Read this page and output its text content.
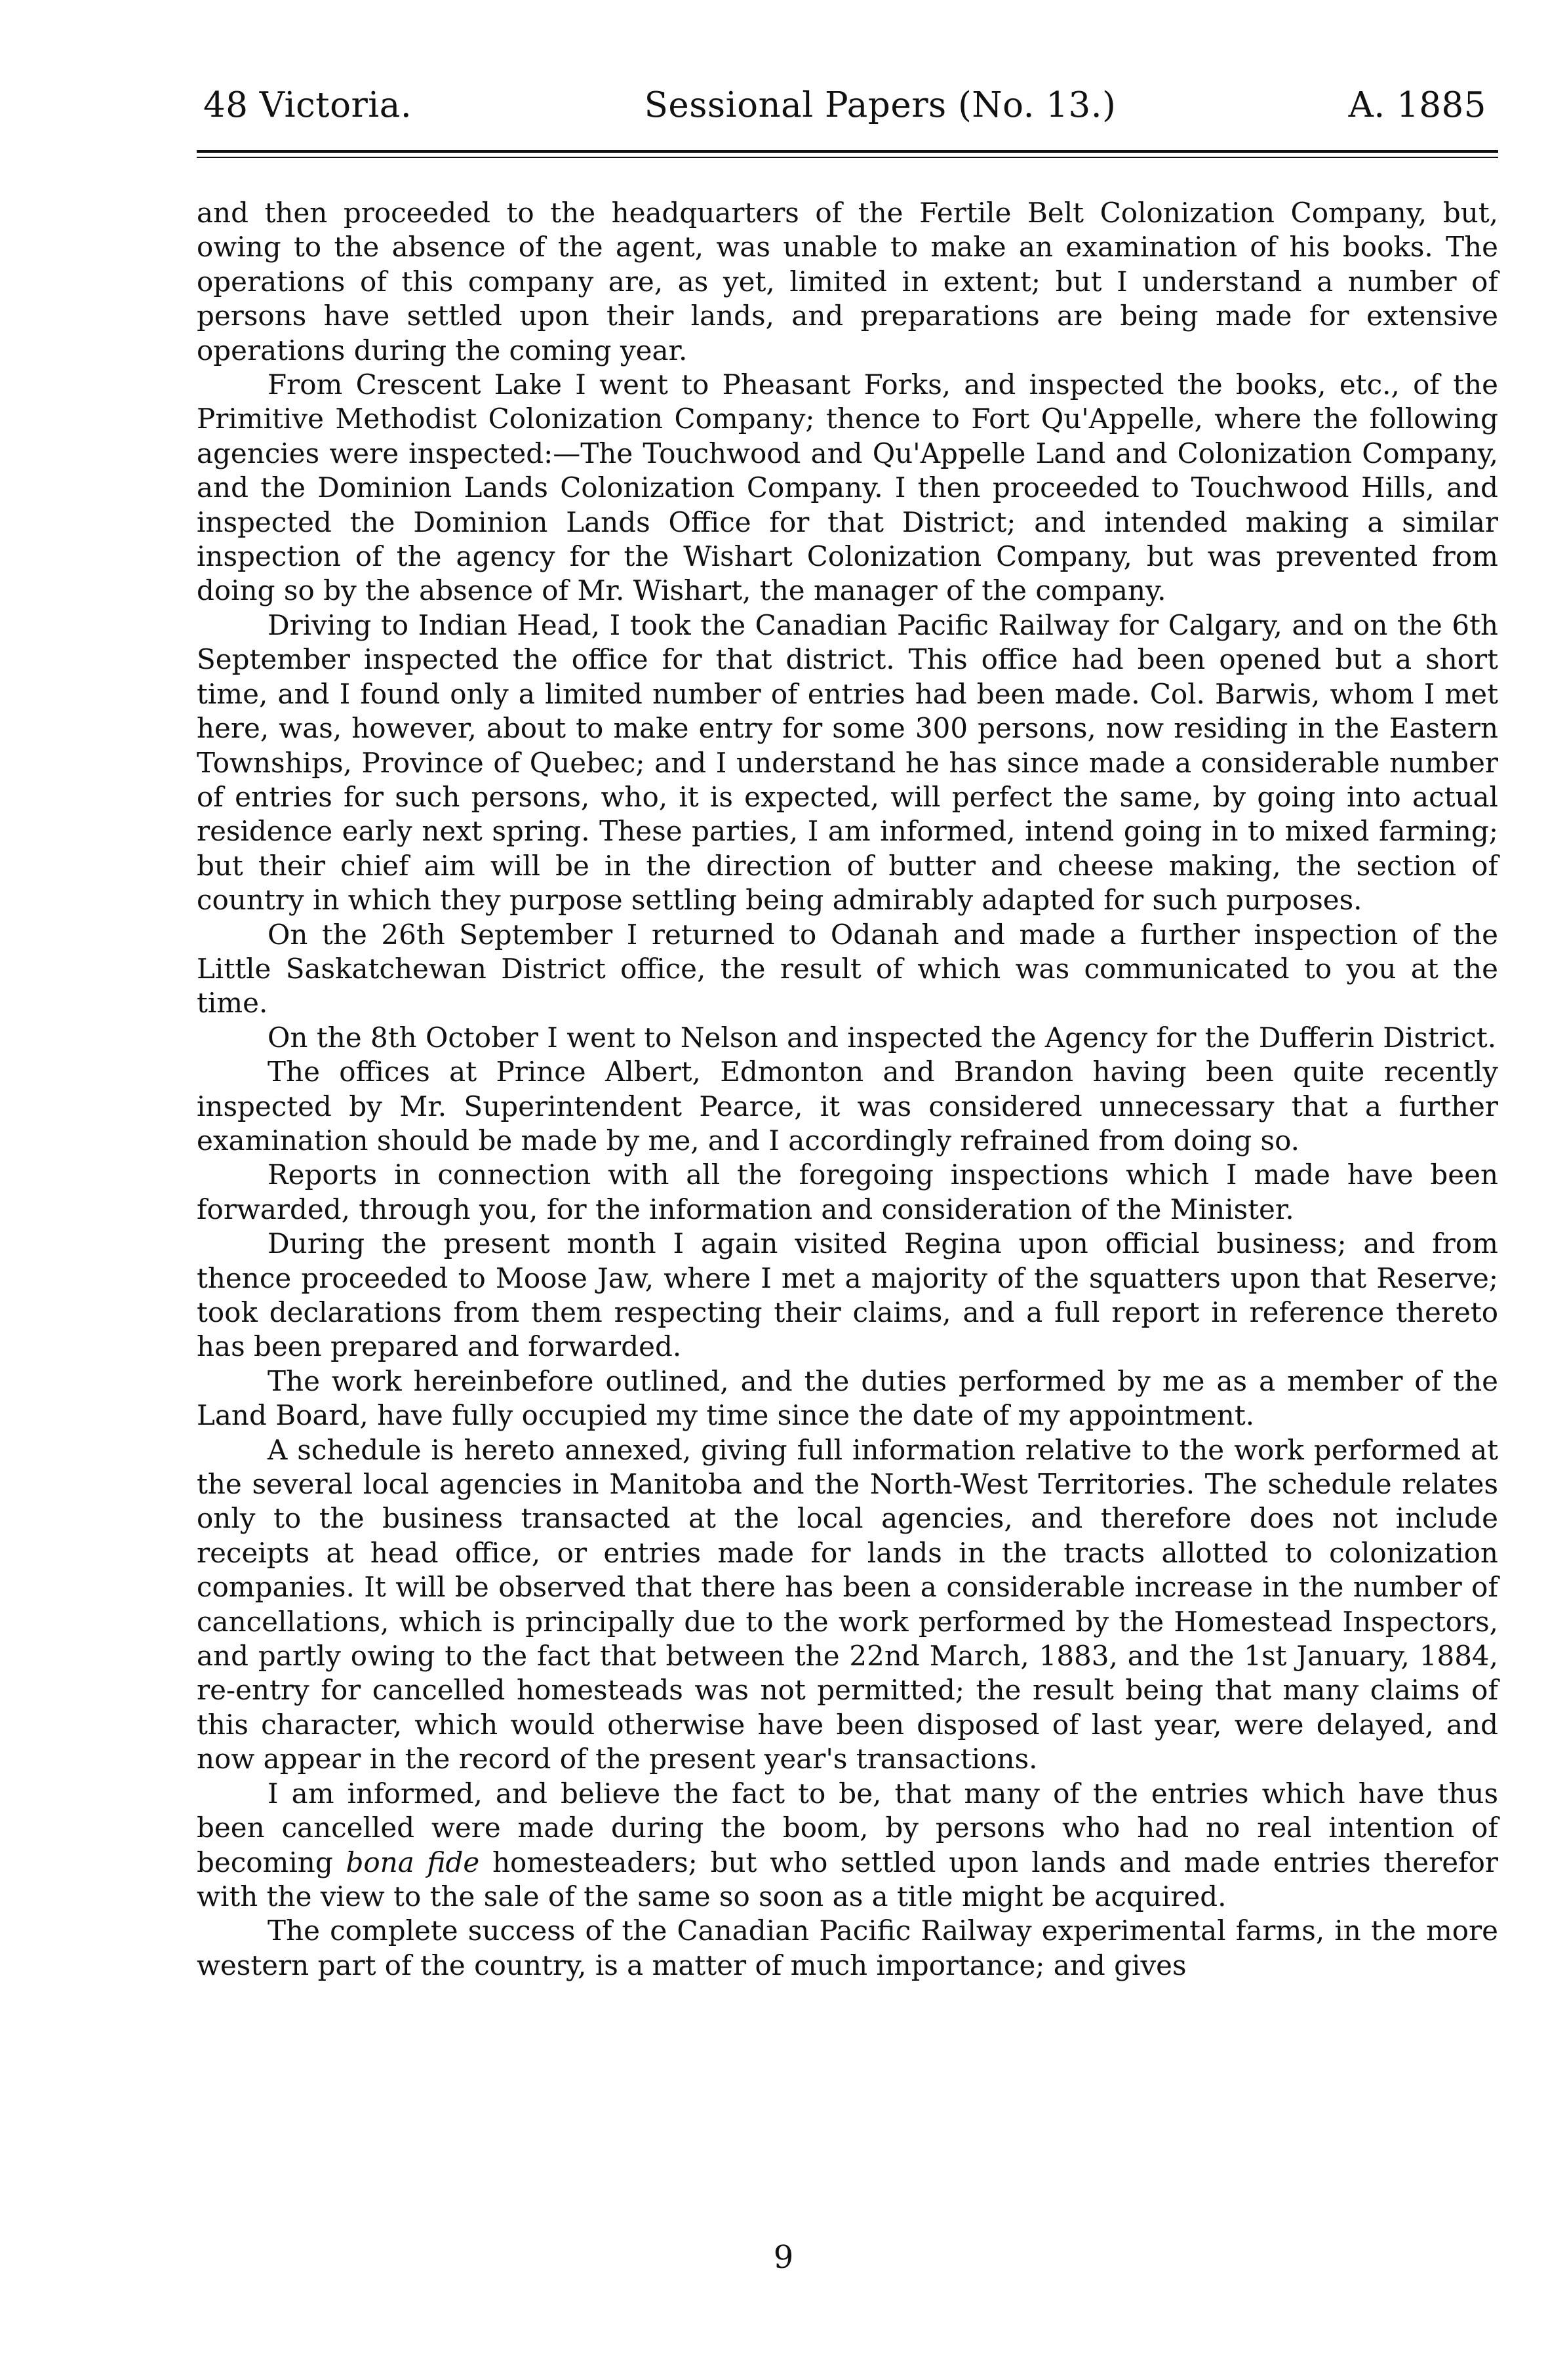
48 Victoria.	Sessional Papers (No. 13.)	A. 1885

and then proceeded to the headquarters of the Fertile Belt Colonization Company, but, owing to the absence of the agent, was unable to make an examination of his books. The operations of this company are, as yet, limited in extent; but I understand a number of persons have settled upon their lands, and preparations are being made for extensive operations during the coming year.

From Crescent Lake I went to Pheasant Forks, and inspected the books, etc., of the Primitive Methodist Colonization Company; thence to Fort Qu'Appelle, where the following agencies were inspected:—The Touchwood and Qu'Appelle Land and Colonization Company, and the Dominion Lands Colonization Company. I then proceeded to Touchwood Hills, and inspected the Dominion Lands Office for that District; and intended making a similar inspection of the agency for the Wishart Colonization Company, but was prevented from doing so by the absence of Mr. Wishart, the manager of the company.

Driving to Indian Head, I took the Canadian Pacific Railway for Calgary, and on the 6th September inspected the office for that district. This office had been opened but a short time, and I found only a limited number of entries had been made. Col. Barwis, whom I met here, was, however, about to make entry for some 300 persons, now residing in the Eastern Townships, Province of Quebec; and I understand he has since made a considerable number of entries for such persons, who, it is expected, will perfect the same, by going into actual residence early next spring. These parties, I am informed, intend going in to mixed farming; but their chief aim will be in the direction of butter and cheese making, the section of country in which they purpose settling being admirably adapted for such purposes.

On the 26th September I returned to Odanah and made a further inspection of the Little Saskatchewan District office, the result of which was communicated to you at the time.

On the 8th October I went to Nelson and inspected the Agency for the Dufferin District.

The offices at Prince Albert, Edmonton and Brandon having been quite recently inspected by Mr. Superintendent Pearce, it was considered unnecessary that a further examination should be made by me, and I accordingly refrained from doing so.

Reports in connection with all the foregoing inspections which I made have been forwarded, through you, for the information and consideration of the Minister.

During the present month I again visited Regina upon official business; and from thence proceeded to Moose Jaw, where I met a majority of the squatters upon that Reserve; took declarations from them respecting their claims, and a full report in reference thereto has been prepared and forwarded.

The work hereinbefore outlined, and the duties performed by me as a member of the Land Board, have fully occupied my time since the date of my appointment.

A schedule is hereto annexed, giving full information relative to the work performed at the several local agencies in Manitoba and the North-West Territories. The schedule relates only to the business transacted at the local agencies, and therefore does not include receipts at head office, or entries made for lands in the tracts allotted to colonization companies. It will be observed that there has been a considerable increase in the number of cancellations, which is principally due to the work performed by the Homestead Inspectors, and partly owing to the fact that between the 22nd March, 1883, and the 1st January, 1884, re-entry for cancelled homesteads was not permitted; the result being that many claims of this character, which would otherwise have been disposed of last year, were delayed, and now appear in the record of the present year's transactions.

I am informed, and believe the fact to be, that many of the entries which have thus been cancelled were made during the boom, by persons who had no real intention of becoming bona fide homesteaders; but who settled upon lands and made entries therefor with the view to the sale of the same so soon as a title might be acquired.

The complete success of the Canadian Pacific Railway experimental farms, in the more western part of the country, is a matter of much importance; and gives

9
